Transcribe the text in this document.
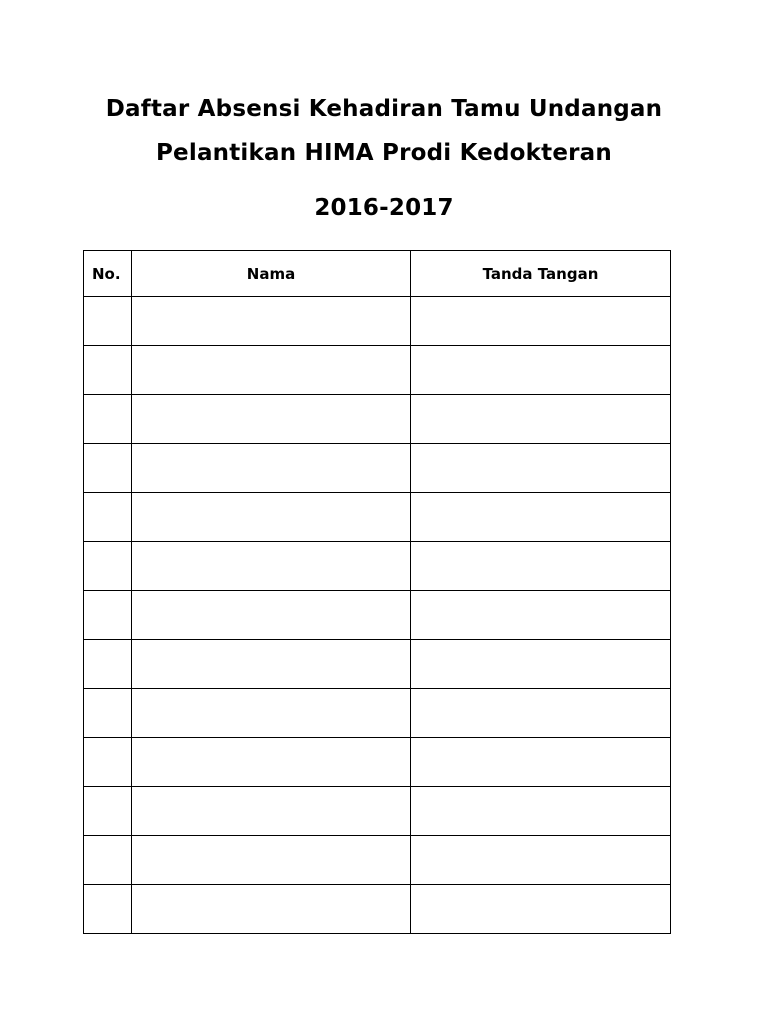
Daftar Absensi Kehadiran Tamu Undangan
Pelantikan HIMA Prodi Kedokteran
2016-2017
No.	Nama	Tanda Tangan
